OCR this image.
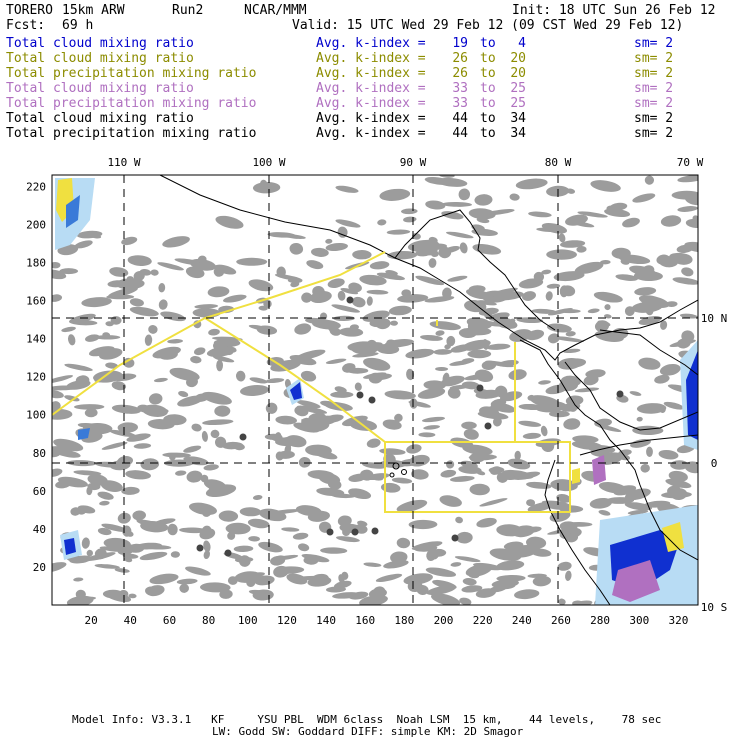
TORERO 15km ARW	Run2	NCAR/MMM	Init: 18 UTC Sun 26 Feb 12
Fcst: 69 h	Valid: 15 UTC Wed 29 Feb 12 (09 CST Wed 29 Feb 12)
Total cloud mixing ratio	Avg. k-index =	19 to	4	sm= 2
Total cloud mixing ratio	Avg. k-index =	26 to	20	sm= 2
Total precipitation mixing ratio	Avg. k-index =	26 to	20	sm= 2
Total cloud mixing ratio	Avg. k-index =	33 to	25	sm= 2
Total precipitation mixing ratio	Avg. k-index =	33 to	25	sm= 2
Total cloud mixing ratio	Avg. k-index =	44 to	34	sm= 2
Total precipitation mixing ratio	Avg. k-index =	44 to	34	sm= 2
110 W	100 W	90 W	80 W	70 W
10 N
0
10 S
20 40 60 80 100 120 140 160 180 200 220 240 260 280 300 320
220
200
180
160
140
120
100
80
60
40
20
Model Info: V3.3.1   KF     YSU PBL  WDM 6class  Noah LSM  15 km,    44 levels,    78 sec
LW: Godd SW: Goddard DIFF: simple KM: 2D Smagor
